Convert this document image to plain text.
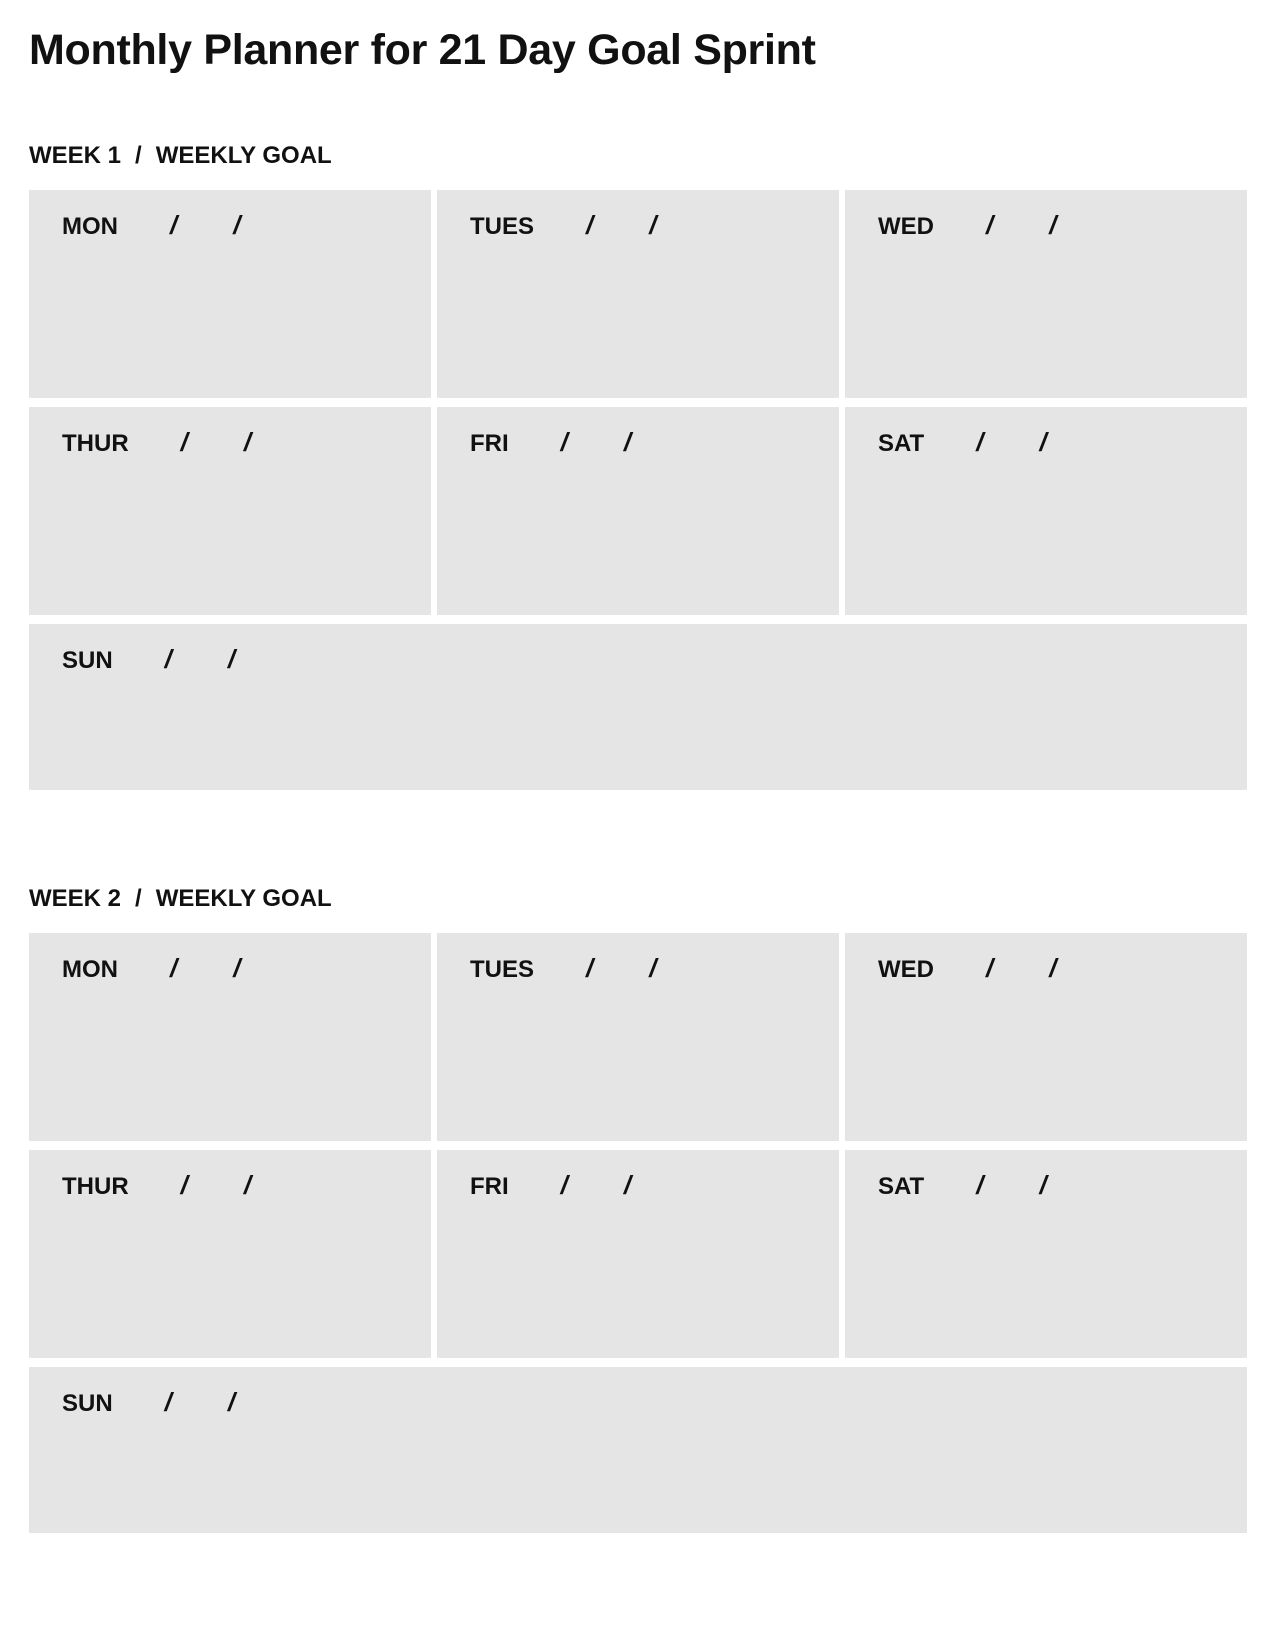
Monthly Planner for 21 Day Goal Sprint
WEEK 1 / WEEKLY GOAL
MON / /	TUES / /	WED / /
THUR / /	FRI / /	SAT / /
SUN / /
WEEK 2 / WEEKLY GOAL
MON / /	TUES / /	WED / /
THUR / /	FRI / /	SAT / /
SUN / /
